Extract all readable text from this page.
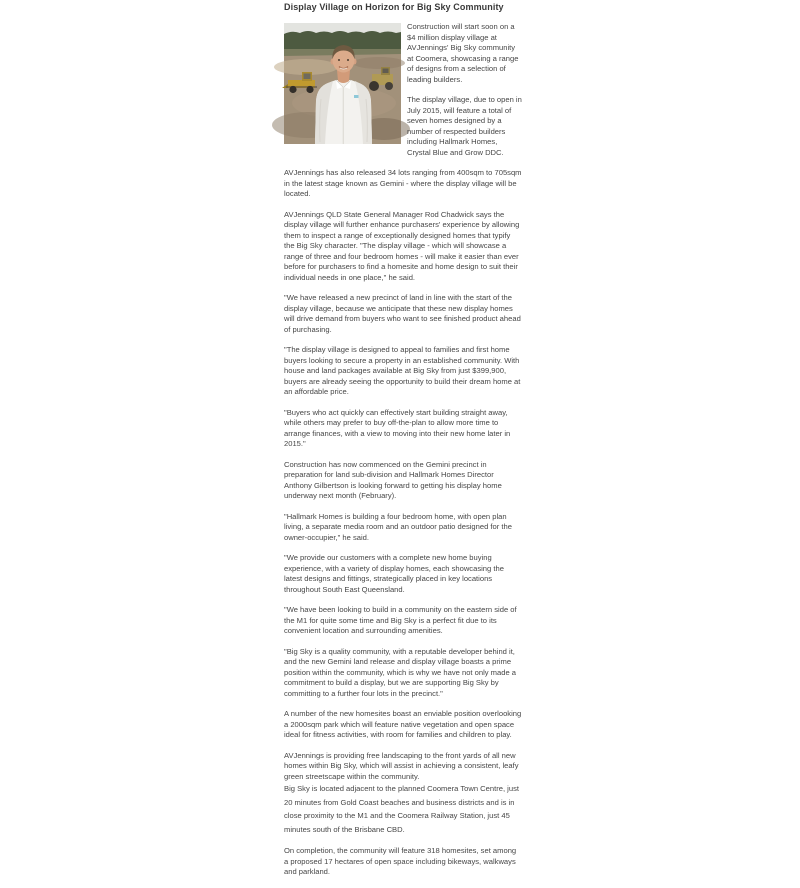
Display Village on Horizon for Big Sky Community

Construction will start soon on a $4 million display village at AVJennings' Big Sky community at Coomera, showcasing a range of designs from a selection of leading builders.

The display village, due to open in July 2015, will feature a total of seven homes designed by a number of respected builders including Hallmark Homes, Crystal Blue and Grow DDC.

AVJennings has also released 34 lots ranging from 400sqm to 705sqm in the latest stage known as Gemini - where the display village will be located.

AVJennings QLD State General Manager Rod Chadwick says the display village will further enhance purchasers' experience by allowing them to inspect a range of exceptionally designed homes that typify the Big Sky character. "The display village - which will showcase a range of three and four bedroom homes - will make it easier than ever before for purchasers to find a homesite and home design to suit their individual needs in one place," he said.

"We have released a new precinct of land in line with the start of the display village, because we anticipate that these new display homes will drive demand from buyers who want to see finished product ahead of purchasing.

"The display village is designed to appeal to families and first home buyers looking to secure a property in an established community. With house and land packages available at Big Sky from just $399,900, buyers are already seeing the opportunity to build their dream home at an affordable price.

"Buyers who act quickly can effectively start building straight away, while others may prefer to buy off-the-plan to allow more time to arrange finances, with a view to moving into their new home later in 2015."

Construction has now commenced on the Gemini precinct in preparation for land sub-division and Hallmark Homes Director Anthony Gilbertson is looking forward to getting his display home underway next month (February).

"Hallmark Homes is building a four bedroom home, with open plan living, a separate media room and an outdoor patio designed for the owner-occupier," he said.

"We provide our customers with a complete new home buying experience, with a variety of display homes, each showcasing the latest designs and fittings, strategically placed in key locations throughout South East Queensland.

"We have been looking to build in a community on the eastern side of the M1 for quite some time and Big Sky is a perfect fit due to its convenient location and surrounding amenities.

"Big Sky is a quality community, with a reputable developer behind it, and the new Gemini land release and display village boasts a prime position within the community, which is why we have not only made a commitment to build a display, but we are supporting Big Sky by committing to a further four lots in the precinct."

A number of the new homesites boast an enviable position overlooking a 2000sqm park which will feature native vegetation and open space ideal for fitness activities, with room for families and children to play.

AVJennings is providing free landscaping to the front yards of all new homes within Big Sky, which will assist in achieving a consistent, leafy green streetscape within the community.

Big Sky is located adjacent to the planned Coomera Town Centre, just 20 minutes from Gold Coast beaches and business districts and is in close proximity to the M1 and the Coomera Railway Station, just 45 minutes south of the Brisbane CBD.

On completion, the community will feature 318 homesites, set among a proposed 17 hectares of open space including bikeways, walkways and parkland.
